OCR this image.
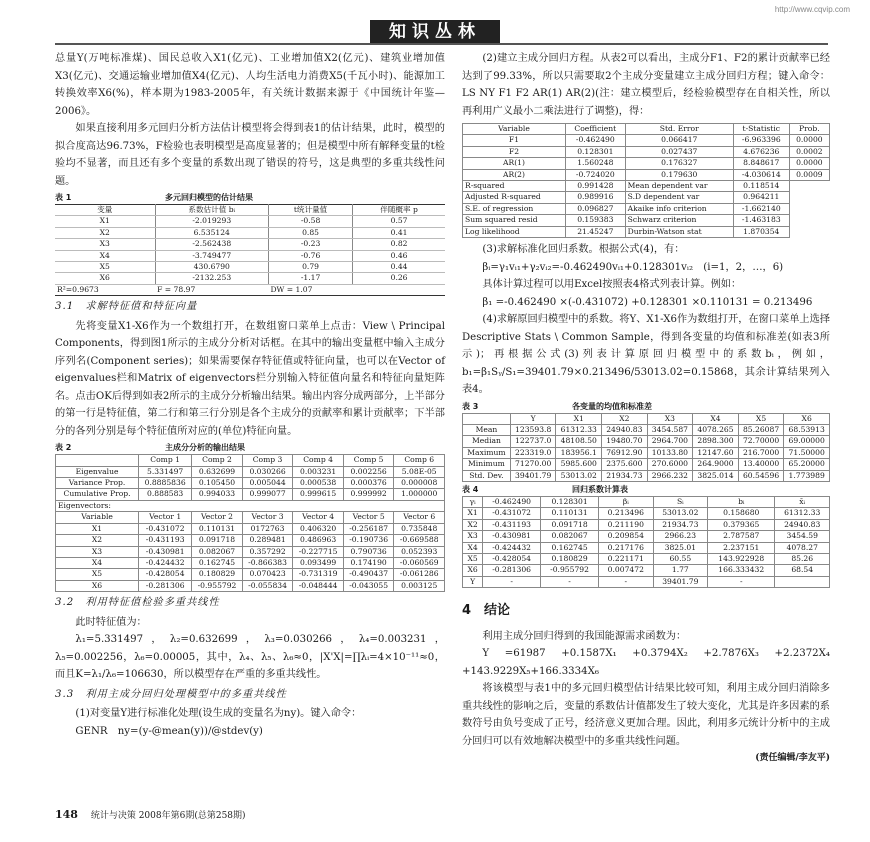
http://www.cqvip.com
知识丛林

总量Y(万吨标准煤)、国民总收入X1(亿元)、工业增加值X2(亿元)、建筑业增加值X3(亿元)、交通运输业增加值X4(亿元)、人均生活电力消费X5(千瓦小时)、能源加工转换效率X6(%)，样本期为1983-2005年，有关统计数据来源于《中国统计年鉴—2006》。

如果直接利用多元回归分析方法估计模型将会得到表1的估计结果，此时，模型的拟合度高达96.73%，F检验也表明模型是高度显著的；但是模型中所有解释变量的t检验均不显著，而且还有多个变量的系数出现了错误的符号，这是典型的多重共线性问题。

表 1	多元回归模型的估计结果
变量	系数估计值 bᵢ	t统计量值	伴随概率 p
X1	-2.019293	-0.58	0.57
X2	6.535124	0.85	0.41
X3	-2.562438	-0.23	0.82
X4	-3.749477	-0.76	0.46
X5	430.6790	0.79	0.44
X6	-2132.253	-1.17	0.26
R²=0.9673	F = 78.97	DW = 1.07	

3.1　求解特征值和特征向量

先将变量X1-X6作为一个数组打开，在数组窗口菜单上点击：View \ Principal Components，得到图1所示的主成分分析对话框。在其中的输出变量框中输入主成分序列名(Component series)；如果需要保存特征值或特征向量，也可以在Vector of eigenvalues栏和Matrix of eigenvectors栏分别输入特征值向量名和特征向量矩阵名。点击OK后得到如表2所示的主成分分析输出结果。输出内容分成两部分，上半部分的第一行是特征值，第二行和第三行分别是各个主成分的贡献率和累计贡献率；下半部分的各列分别是每个特征值所对应的(单位)特征向量。

表 2	主成分分析的输出结果
	Comp 1	Comp 2	Comp 3	Comp 4	Comp 5	Comp 6
Eigenvalue	5.331497	0.632699	0.030266	0.003231	0.002256	5.08E-05
Variance Prop.	0.8885836	0.105450	0.005044	0.000538	0.000376	0.000008
Cumulative Prop.	0.888583	0.994033	0.999077	0.999615	0.999992	1.000000
Eigenvectors:						
Variable	Vector 1	Vector 2	Vector 3	Vector 4	Vector 5	Vector 6
X1	-0.431072	0.110131	0172763	0.406320	-0.256187	0.735848
X2	-0.431193	0.091718	0.289481	0.486963	-0.190736	-0.669588
X3	-0.430981	0.082067	0.357292	-0.227715	0.790736	0.052393
X4	-0.424432	0.162745	-0.866383	0.093499	0.174190	-0.060569
X5	-0.428054	0.180829	0.070423	-0.731319	-0.490437	-0.061286
X6	-0.281306	-0.955792	-0.055834	-0.048444	-0.043055	0.003125

3.2　利用特征值检验多重共线性

此时特征值为：

λ₁=5.331497，λ₂=0.632699，λ₃=0.030266，λ₄=0.003231，λ₅=0.002256，λ₆=0.00005，其中，λ₄、λ₅、λ₆≈0，|X'X|=∏λᵢ=4×10⁻¹¹≈0，而且K=λ₁/λ₆=106630，所以模型存在严重的多重共线性。

3.3　利用主成分回归处理模型中的多重共线性

(1)对变量Y进行标准化处理(设生成的变量名为ny)。键入命令：

GENR　ny=(y-@mean(y))/@stdev(y)

(2)建立主成分回归方程。从表2可以看出，主成分F1、F2的累计贡献率已经达到了99.33%，所以只需要取2个主成分变量建立主成分回归方程；键入命令：LS NY F1 F2 AR(1) AR(2)(注：建立模型后，经检验模型存在自相关性，所以再利用广义最小二乘法进行了调整)，得：

Variable	Coefficient	Std. Error	t-Statistic	Prob.
F1	-0.462490	0.066417	-6.963396	0.0000
F2	0.128301	0.027437	4.676236	0.0002
AR(1)	1.560248	0.176327	8.848617	0.0000
AR(2)	-0.724020	0.179630	-4.030614	0.0009
R-squared	0.991428	Mean dependent var	0.118514	
Adjusted R-squared	0.989916	S.D dependent var	0.964211	
S.E. of regression	0.096827	Akaike info criterion	-1.662140	
Sum squared resid	0.159383	Schwarz criterion	-1.463183	
Log likelihood	21.45247	Durbin-Watson stat	1.870354	

(3)求解标准化回归系数。根据公式(4)，有：

βᵢ=γ₁vᵢ₁+γ₂vᵢ₂=-0.462490vᵢ₁+0.128301vᵢ₂　(i=1，2，…，6)

具体计算过程可以用Excel按照表4格式列表计算。例如：

β₁ =-0.462490 ×(-0.431072) +0.128301 ×0.110131 = 0.213496

(4)求解原回归模型中的系数。将Y、X1-X6作为数组打开，在窗口菜单上选择Descriptive Stats \ Common Sample，得到各变量的均值和标准差(如表3所示)；再根据公式(3)列表计算原回归模型中的系数bᵢ，例如，b₁=β₁Sᵧ/S₁=39401.79×0.213496/53013.02=0.15868，其余计算结果列入表4。

表 3	各变量的均值和标准差
	Y	X1	X2	X3	X4	X5	X6
Mean	123593.8	61312.33	24940.83	3454.587	4078.265	85.26087	68.53913
Median	122737.0	48108.50	19480.70	2964.700	2898.300	72.70000	69.00000
Maximum	223319.0	183956.1	76912.90	10133.80	12147.60	216.7000	71.50000
Minimum	71270.00	5985.600	2375.600	270.6000	264.9000	13.40000	65.20000
Std. Dev.	39401.79	53013.02	21934.73	2966.232	3825.014	60.54596	1.773989
表 4	回归系数计算表
γᵢ	-0.462490	0.128301	βᵢ	Sᵢ	bᵢ	x̄ᵢ
X1	-0.431072	0.110131	0.213496	53013.02	0.158680	61312.33
X2	-0.431193	0.091718	0.211190	21934.73	0.379365	24940.83
X3	-0.430981	0.082067	0.209854	2966.23	2.787587	3454.59
X4	-0.424432	0.162745	0.217176	3825.01	2.237151	4078.27
X5	-0.428054	0.180829	0.221171	60.55	143.922928	85.26
X6	-0.281306	-0.955792	0.007472	1.77	166.333432	68.54
Y	-	-	-	39401.79	-	
4　结论

利用主成分回归得到的我国能源需求函数为：

Y =61987 +0.1587X₁ +0.3794X₂ +2.7876X₃ +2.2372X₄ +143.9229X₅+166.3334X₆

将该模型与表1中的多元回归模型估计结果比较可知，利用主成分回归消除多重共线性的影响之后，变量的系数估计值都发生了较大变化，尤其是许多因素的系数符号由负号变成了正号，经济意义更加合理。因此，利用多元统计分析中的主成分回归可以有效地解决模型中的多重共线性问题。

(责任编辑/李友平)

148 统计与决策 2008年第6期(总第258期)
